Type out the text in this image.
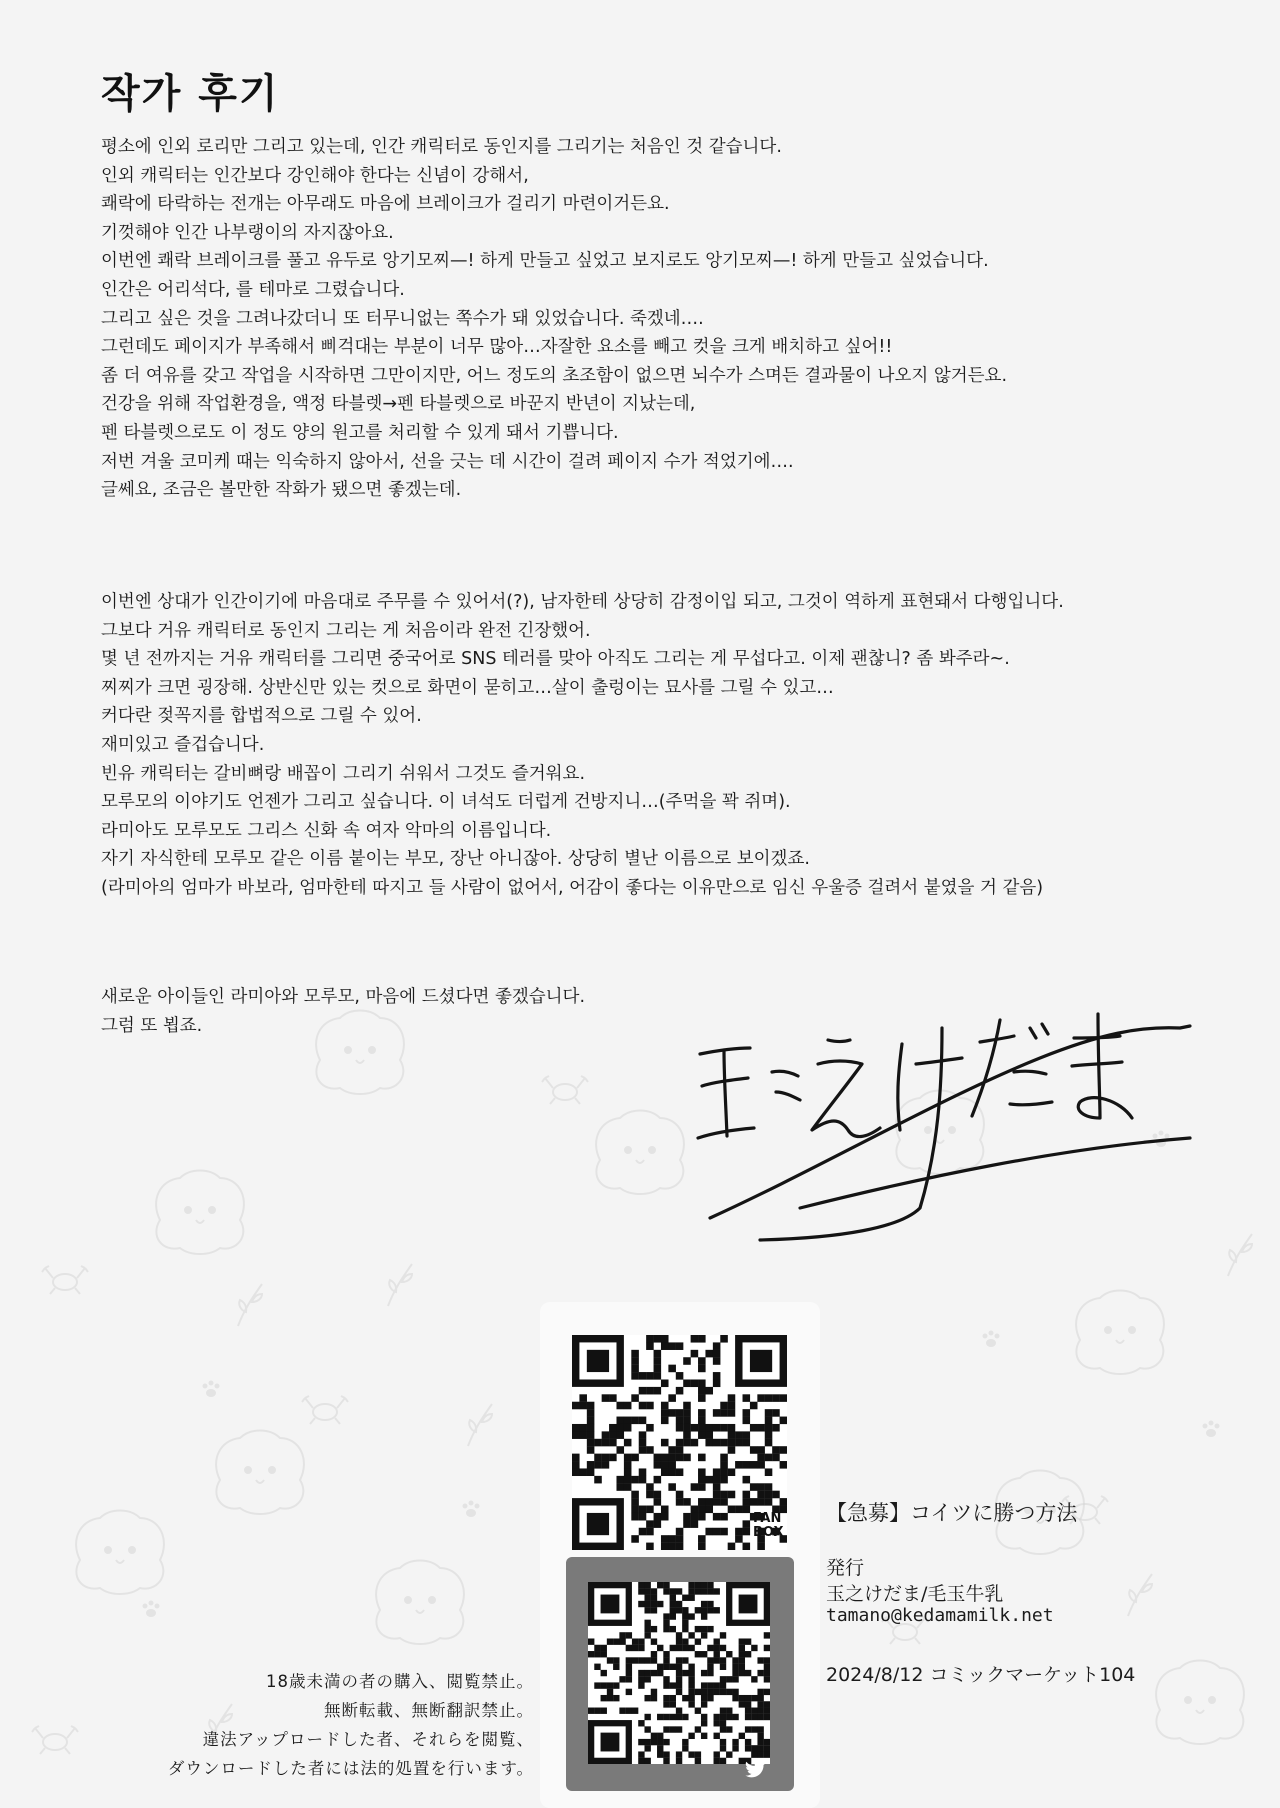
작가 후기
평소에 인외 로리만 그리고 있는데, 인간 캐릭터로 동인지를 그리기는 처음인 것 같습니다.
인외 캐릭터는 인간보다 강인해야 한다는 신념이 강해서,
쾌락에 타락하는 전개는 아무래도 마음에 브레이크가 걸리기 마련이거든요.
기껏해야 인간 나부랭이의 자지잖아요.
이번엔 쾌락 브레이크를 풀고 유두로 앙기모찌—! 하게 만들고 싶었고 보지로도 앙기모찌—! 하게 만들고 싶었습니다.
인간은 어리석다, 를 테마로 그렸습니다.
그리고 싶은 것을 그려나갔더니 또 터무니없는 쪽수가 돼 있었습니다. 죽겠네….
그런데도 페이지가 부족해서 삐걱대는 부분이 너무 많아…자잘한 요소를 빼고 컷을 크게 배치하고 싶어!!
좀 더 여유를 갖고 작업을 시작하면 그만이지만, 어느 정도의 초조함이 없으면 뇌수가 스며든 결과물이 나오지 않거든요.
건강을 위해 작업환경을, 액정 타블렛→펜 타블렛으로 바꾼지 반년이 지났는데,
펜 타블렛으로도 이 정도 양의 원고를 처리할 수 있게 돼서 기쁩니다.
저번 겨울 코미케 때는 익숙하지 않아서, 선을 긋는 데 시간이 걸려 페이지 수가 적었기에….
글쎄요, 조금은 볼만한 작화가 됐으면 좋겠는데.
이번엔 상대가 인간이기에 마음대로 주무를 수 있어서(?), 남자한테 상당히 감정이입 되고, 그것이 역하게 표현돼서 다행입니다.
그보다 거유 캐릭터로 동인지 그리는 게 처음이라 완전 긴장했어.
몇 년 전까지는 거유 캐릭터를 그리면 중국어로 SNS 테러를 맞아 아직도 그리는 게 무섭다고. 이제 괜찮니? 좀 봐주라~.
찌찌가 크면 굉장해. 상반신만 있는 컷으로 화면이 묻히고…살이 출렁이는 묘사를 그릴 수 있고…
커다란 젖꼭지를 합법적으로 그릴 수 있어.
재미있고 즐겁습니다.
빈유 캐릭터는 갈비뼈랑 배꼽이 그리기 쉬워서 그것도 즐거워요.
모루모의 이야기도 언젠가 그리고 싶습니다. 이 녀석도 더럽게 건방지니…(주먹을 꽉 쥐며).
라미아도 모루모도 그리스 신화 속 여자 악마의 이름입니다.
자기 자식한테 모루모 같은 이름 붙이는 부모, 장난 아니잖아. 상당히 별난 이름으로 보이겠죠.
(라미아의 엄마가 바보라, 엄마한테 따지고 들 사람이 없어서, 어감이 좋다는 이유만으로 임신 우울증 걸려서 붙였을 거 같음)
새로운 아이들인 라미아와 모루모, 마음에 드셨다면 좋겠습니다.
그럼 또 뵙죠.
FAN
BOX
【急募】コイツに勝つ方法
発行
玉之けだま/毛玉牛乳
tamano@kedamamilk.net
2024/8/12 コミックマーケット104
18歳未満の者の購入、閲覧禁止。
無断転載、無断翻訳禁止。
違法アップロードした者、それらを閲覧、
ダウンロードした者には法的処置を行います。
